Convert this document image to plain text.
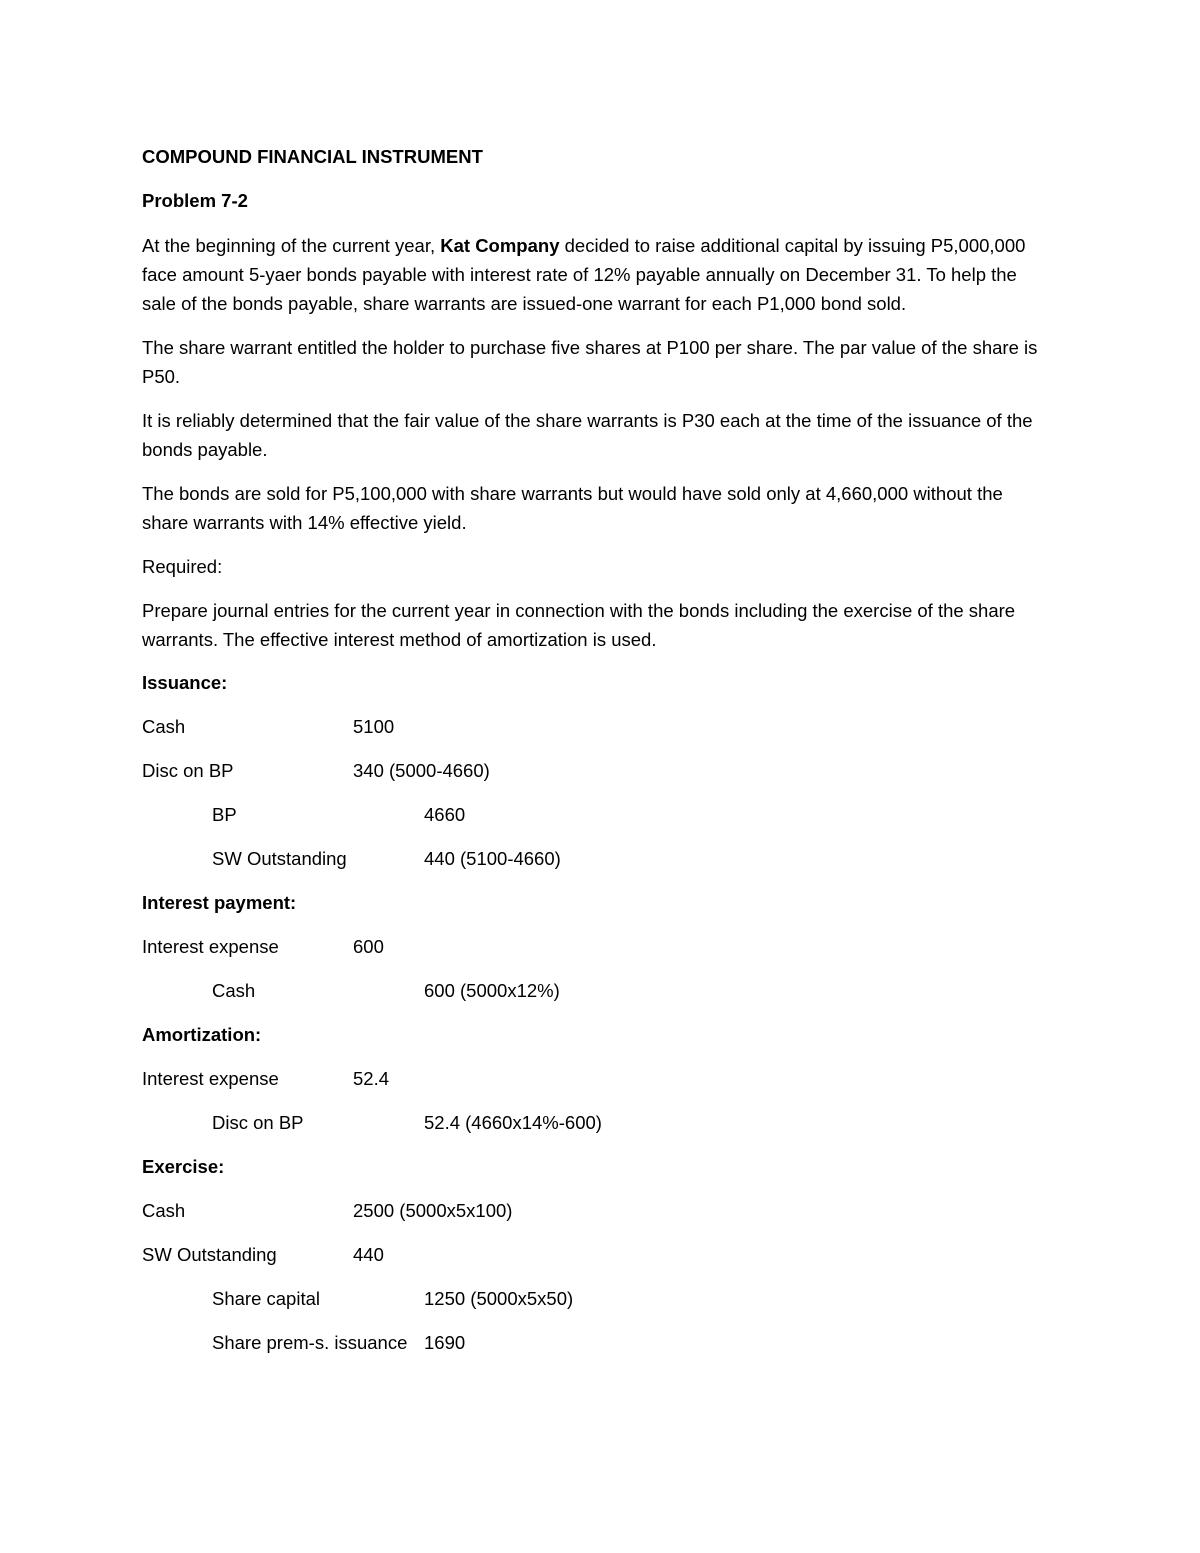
COMPOUND FINANCIAL INSTRUMENT

Problem 7-2

At the beginning of the current year, Kat Company decided to raise additional capital by issuing P5,000,000 face amount 5-yaer bonds payable with interest rate of 12% payable annually on December 31. To help the sale of the bonds payable, share warrants are issued-one warrant for each P1,000 bond sold.

The share warrant entitled the holder to purchase five shares at P100 per share. The par value of the share is P50.

It is reliably determined that the fair value of the share warrants is P30 each at the time of the issuance of the bonds payable.

The bonds are sold for P5,100,000 with share warrants but would have sold only at 4,660,000 without the share warrants with 14% effective yield.

Required:

Prepare journal entries for the current year in connection with the bonds including the exercise of the share warrants. The effective interest method of amortization is used.

Issuance:
Cash	5100
Disc on BP	340 (5000-4660)
BP	4660
SW Outstanding	440 (5100-4660)
Interest payment:
Interest expense	600
Cash	600 (5000x12%)
Amortization:
Interest expense	52.4
Disc on BP	52.4 (4660x14%-600)
Exercise:
Cash	2500 (5000x5x100)
SW Outstanding	440
Share capital	1250 (5000x5x50)
Share prem-s. issuance 1690
